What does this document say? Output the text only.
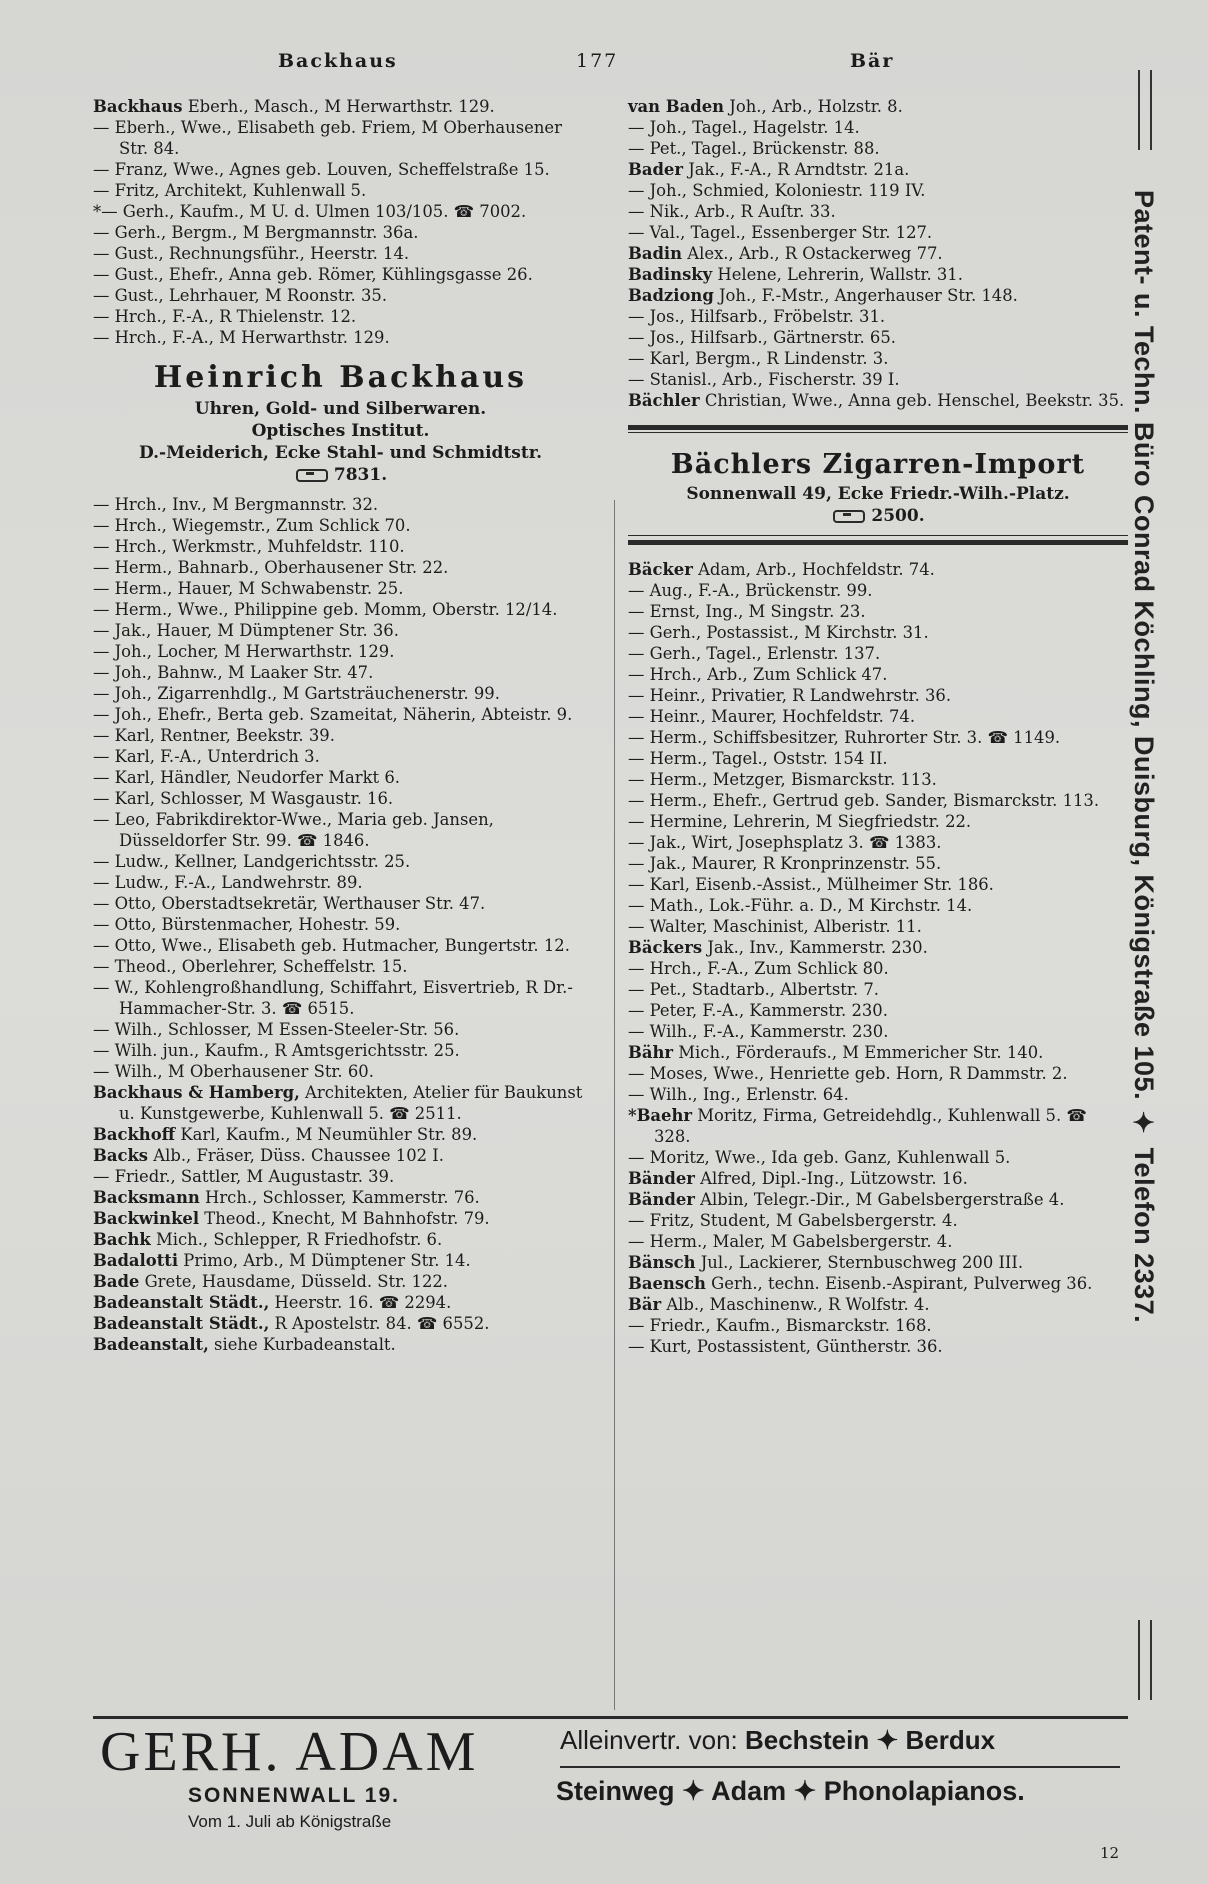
Backhaus	177	Bär

Backhaus Eberh., Masch., M Herwarthstr. 129.

— Eberh., Wwe., Elisabeth geb. Friem, M Oberhausener Str. 84.

— Franz, Wwe., Agnes geb. Louven, Scheffelstraße 15.

— Fritz, Architekt, Kuhlenwall 5.

*— Gerh., Kaufm., M U. d. Ulmen 103/105. ☎ 7002.

— Gerh., Bergm., M Bergmannstr. 36a.

— Gust., Rechnungsführ., Heerstr. 14.

— Gust., Ehefr., Anna geb. Römer, Kühlingsgasse 26.

— Gust., Lehrhauer, M Roonstr. 35.

— Hrch., F.-A., R Thielenstr. 12.

— Hrch., F.-A., M Herwarthstr. 129.

Heinrich Backhaus
Uhren, Gold- und Silberwaren.
Optisches Institut.
D.-Meiderich, Ecke Stahl- und Schmidtstr.
7831.

— Hrch., Inv., M Bergmannstr. 32.

— Hrch., Wiegemstr., Zum Schlick 70.

— Hrch., Werkmstr., Muhfeldstr. 110.

— Herm., Bahnarb., Oberhausener Str. 22.

— Herm., Hauer, M Schwabenstr. 25.

— Herm., Wwe., Philippine geb. Momm, Oberstr. 12/14.

— Jak., Hauer, M Dümptener Str. 36.

— Joh., Locher, M Herwarthstr. 129.

— Joh., Bahnw., M Laaker Str. 47.

— Joh., Zigarrenhdlg., M Gartsträuchenerstr. 99.

— Joh., Ehefr., Berta geb. Szameitat, Näherin, Abteistr. 9.

— Karl, Rentner, Beekstr. 39.

— Karl, F.-A., Unterdrich 3.

— Karl, Händler, Neudorfer Markt 6.

— Karl, Schlosser, M Wasgaustr. 16.

— Leo, Fabrikdirektor-Wwe., Maria geb. Jansen, Düsseldorfer Str. 99. ☎ 1846.

— Ludw., Kellner, Landgerichtsstr. 25.

— Ludw., F.-A., Landwehrstr. 89.

— Otto, Oberstadtsekretär, Werthauser Str. 47.

— Otto, Bürstenmacher, Hohestr. 59.

— Otto, Wwe., Elisabeth geb. Hutmacher, Bungertstr. 12.

— Theod., Oberlehrer, Scheffelstr. 15.

— W., Kohlengroßhandlung, Schiffahrt, Eisvertrieb, R Dr.-Hammacher-Str. 3. ☎ 6515.

— Wilh., Schlosser, M Essen-Steeler-Str. 56.

— Wilh. jun., Kaufm., R Amtsgerichtsstr. 25.

— Wilh., M Oberhausener Str. 60.

Backhaus & Hamberg, Architekten, Atelier für Baukunst u. Kunstgewerbe, Kuhlenwall 5. ☎ 2511.

Backhoff Karl, Kaufm., M Neumühler Str. 89.

Backs Alb., Fräser, Düss. Chaussee 102 I.

— Friedr., Sattler, M Augustastr. 39.

Backsmann Hrch., Schlosser, Kammerstr. 76.

Backwinkel Theod., Knecht, M Bahnhofstr. 79.

Bachk Mich., Schlepper, R Friedhofstr. 6.

Badalotti Primo, Arb., M Dümptener Str. 14.

Bade Grete, Hausdame, Düsseld. Str. 122.

Badeanstalt Städt., Heerstr. 16. ☎ 2294.

Badeanstalt Städt., R Apostelstr. 84. ☎ 6552.

Badeanstalt, siehe Kurbadeanstalt.

van Baden Joh., Arb., Holzstr. 8.

— Joh., Tagel., Hagelstr. 14.

— Pet., Tagel., Brückenstr. 88.

Bader Jak., F.-A., R Arndtstr. 21a.

— Joh., Schmied, Koloniestr. 119 IV.

— Nik., Arb., R Auſtr. 33.

— Val., Tagel., Essenberger Str. 127.

Badin Alex., Arb., R Ostackerweg 77.

Badinsky Helene, Lehrerin, Wallstr. 31.

Badziong Joh., F.-Mstr., Angerhauser Str. 148.

— Jos., Hilfsarb., Fröbelstr. 31.

— Jos., Hilfsarb., Gärtnerstr. 65.

— Karl, Bergm., R Lindenstr. 3.

— Stanisl., Arb., Fischerstr. 39 I.

Bächler Christian, Wwe., Anna geb. Henschel, Beekstr. 35.

Bächlers Zigarren-Import
Sonnenwall 49, Ecke Friedr.-Wilh.-Platz.
2500.

Bäcker Adam, Arb., Hochfeldstr. 74.

— Aug., F.-A., Brückenstr. 99.

— Ernst, Ing., M Singstr. 23.

— Gerh., Postassist., M Kirchstr. 31.

— Gerh., Tagel., Erlenstr. 137.

— Hrch., Arb., Zum Schlick 47.

— Heinr., Privatier, R Landwehrstr. 36.

— Heinr., Maurer, Hochfeldstr. 74.

— Herm., Schiffsbesitzer, Ruhrorter Str. 3. ☎ 1149.

— Herm., Tagel., Oststr. 154 II.

— Herm., Metzger, Bismarckstr. 113.

— Herm., Ehefr., Gertrud geb. Sander, Bismarckstr. 113.

— Hermine, Lehrerin, M Siegfriedstr. 22.

— Jak., Wirt, Josephsplatz 3. ☎ 1383.

— Jak., Maurer, R Kronprinzenstr. 55.

— Karl, Eisenb.-Assist., Mülheimer Str. 186.

— Math., Lok.-Führ. a. D., M Kirchstr. 14.

— Walter, Maschinist, Alberistr. 11.

Bäckers Jak., Inv., Kammerstr. 230.

— Hrch., F.-A., Zum Schlick 80.

— Pet., Stadtarb., Albertstr. 7.

— Peter, F.-A., Kammerstr. 230.

— Wilh., F.-A., Kammerstr. 230.

Bähr Mich., Förderaufs., M Emmericher Str. 140.

— Moses, Wwe., Henriette geb. Horn, R Dammstr. 2.

— Wilh., Ing., Erlenstr. 64.

*Baehr Moritz, Firma, Getreidehdlg., Kuhlenwall 5. ☎ 328.

— Moritz, Wwe., Ida geb. Ganz, Kuhlenwall 5.

Bänder Alfred, Dipl.-Ing., Lützowstr. 16.

Bänder Albin, Telegr.-Dir., M Gabelsbergerstraße 4.

— Fritz, Student, M Gabelsbergerstr. 4.

— Herm., Maler, M Gabelsbergerstr. 4.

Bänsch Jul., Lackierer, Sternbuschweg 200 III.

Baensch Gerh., techn. Eisenb.-Aspirant, Pulverweg 36.

Bär Alb., Maschinenw., R Wolfstr. 4.

— Friedr., Kaufm., Bismarckstr. 168.

— Kurt, Postassistent, Güntherstr. 36.

Patent- u. Techn. Büro Conrad Köchling, Duisburg, Königstraße 105. ✦ Telefon 2337.
GERH. ADAM
SONNENWALL 19.
Vom 1. Juli ab Königstraße
Alleinvertr. von: Bechstein ✦ Berdux
Steinweg ✦ Adam ✦ Phonolapianos.
12
